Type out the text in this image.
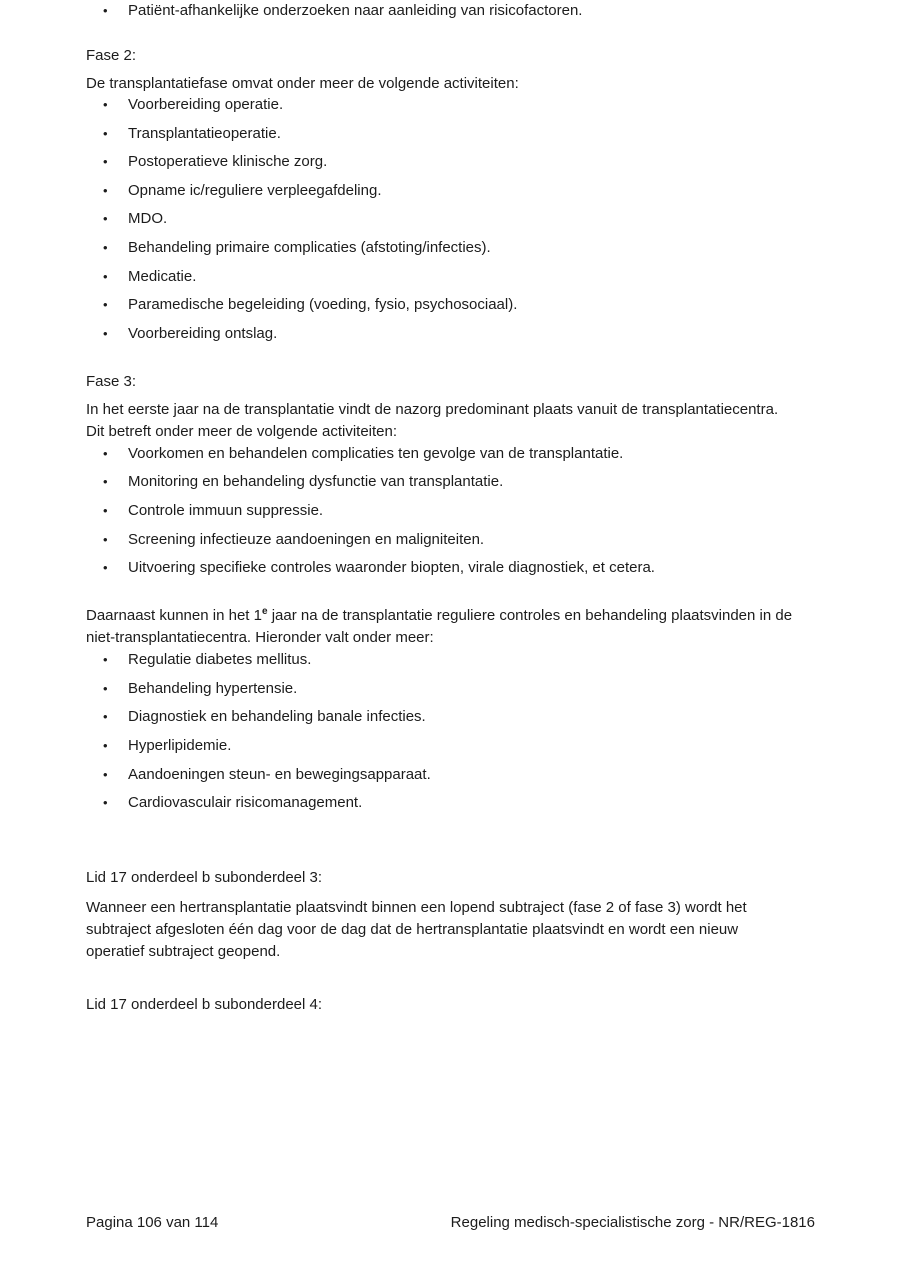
• Patiënt-afhankelijke onderzoeken naar aanleiding van risicofactoren.

Fase 2:

De transplantatiefase omvat onder meer de volgende activiteiten:

• Voorbereiding operatie.
• Transplantatieoperatie.
• Postoperatieve klinische zorg.
• Opname ic/reguliere verpleegafdeling.
• MDO.
• Behandeling primaire complicaties (afstoting/infecties).
• Medicatie.
• Paramedische begeleiding (voeding, fysio, psychosociaal).
• Voorbereiding ontslag.

Fase 3:

In het eerste jaar na de transplantatie vindt de nazorg predominant plaats vanuit de transplantatiecentra.
Dit betreft onder meer de volgende activiteiten:

• Voorkomen en behandelen complicaties ten gevolge van de transplantatie.
• Monitoring en behandeling dysfunctie van transplantatie.
• Controle immuun suppressie.
• Screening infectieuze aandoeningen en maligniteiten.
• Uitvoering specifieke controles waaronder biopten, virale diagnostiek, et cetera.

Daarnaast kunnen in het 1e jaar na de transplantatie reguliere controles en behandeling plaatsvinden in de
niet-transplantatiecentra. Hieronder valt onder meer:

• Regulatie diabetes mellitus.
• Behandeling hypertensie.
• Diagnostiek en behandeling banale infecties.
• Hyperlipidemie.
• Aandoeningen steun- en bewegingsapparaat.
• Cardiovasculair risicomanagement.

Lid 17 onderdeel b subonderdeel 3:

Wanneer een hertransplantatie plaatsvindt binnen een lopend subtraject (fase 2 of fase 3) wordt het
subtraject afgesloten één dag voor de dag dat de hertransplantatie plaatsvindt en wordt een nieuw
operatief subtraject geopend.

Lid 17 onderdeel b subonderdeel 4:

Pagina 106 van 114	Regeling medisch-specialistische zorg - NR/REG-1816
